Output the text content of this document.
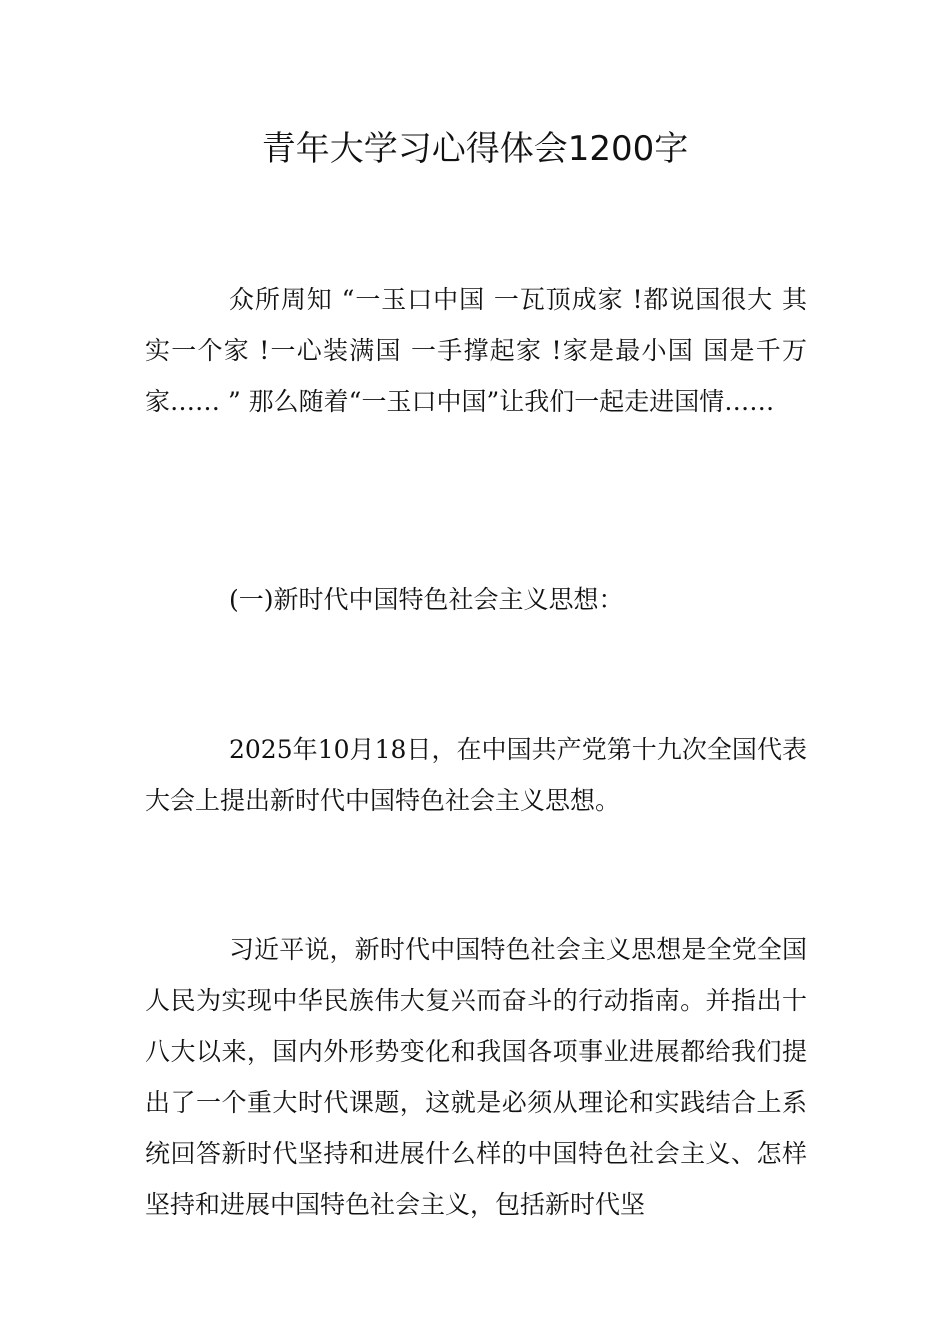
青年大学习心得体会1200字

众所周知 “一玉口中国 一瓦顶成家 !都说国很大 其实一个家 !一心装满国 一手撑起家 !家是最小国 国是千万家…… ” 那么随着“一玉口中国”让我们一起走进国情……

(一)新时代中国特色社会主义思想：

2025年10月18日，在中国共产党第十九次全国代表大会上提出新时代中国特色社会主义思想。

习近平说，新时代中国特色社会主义思想是全党全国人民为实现中华民族伟大复兴而奋斗的行动指南。并指出十八大以来，国内外形势变化和我国各项事业进展都给我们提出了一个重大时代课题，这就是必须从理论和实践结合上系统回答新时代坚持和进展什么样的中国特色社会主义、怎样坚持和进展中国特色社会主义，包括新时代坚
